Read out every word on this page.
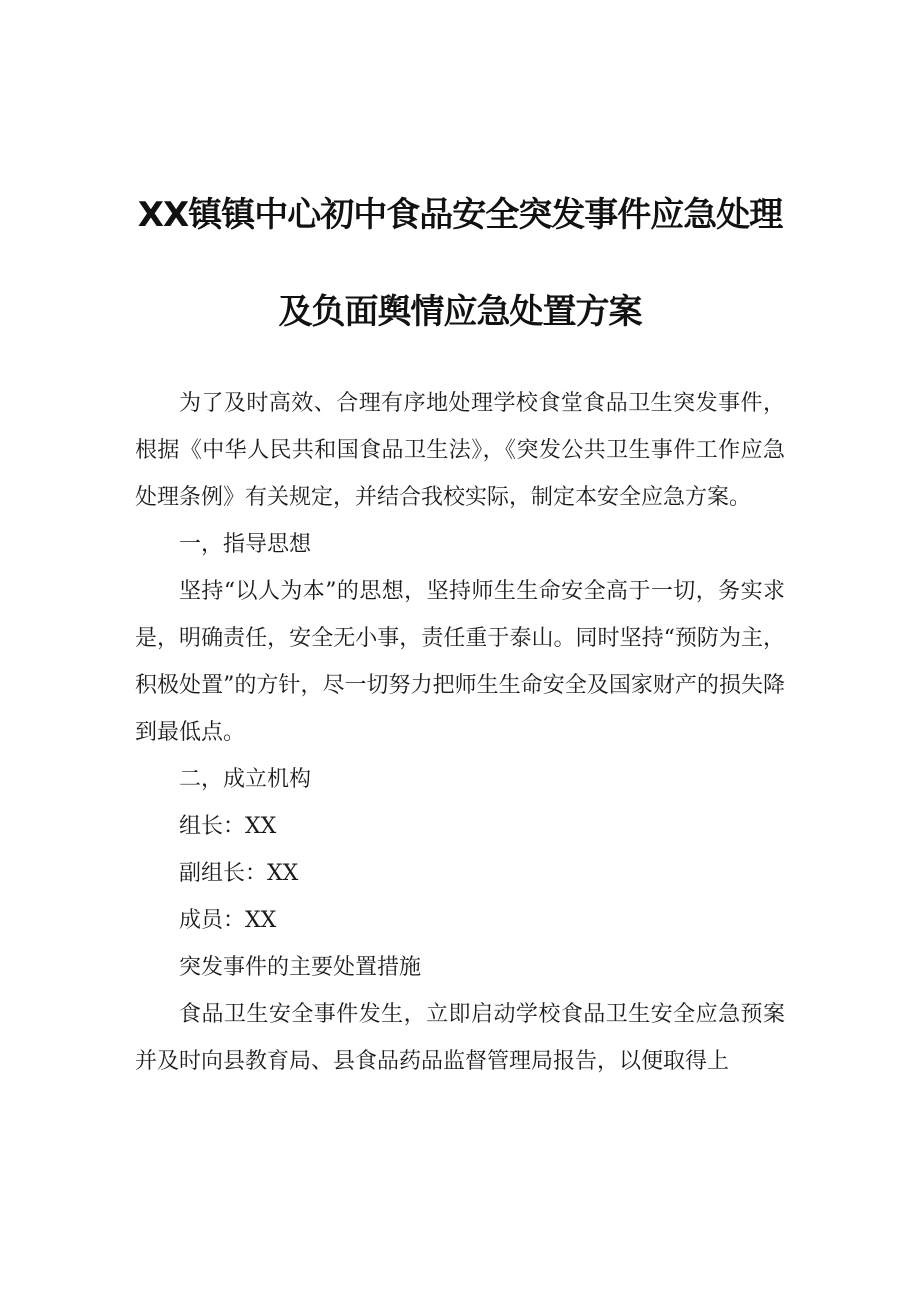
XX镇镇中心初中食品安全突发事件应急处理
及负面舆情应急处置方案

为了及时高效、合理有序地处理学校食堂食品卫生突发事件，根据《中华人民共和国食品卫生法》，《突发公共卫生事件工作应急处理条例》有关规定，并结合我校实际，制定本安全应急方案。

一，指导思想

坚持“以人为本”的思想，坚持师生生命安全高于一切，务实求是，明确责任，安全无小事，责任重于泰山。同时坚持“预防为主，积极处置”的方针，尽一切努力把师生生命安全及国家财产的损失降到最低点。

二，成立机构

组长：XX

副组长：XX

成员：XX

突发事件的主要处置措施

食品卫生安全事件发生，立即启动学校食品卫生安全应急预案并及时向县教育局、县食品药品监督管理局报告，以便取得上
